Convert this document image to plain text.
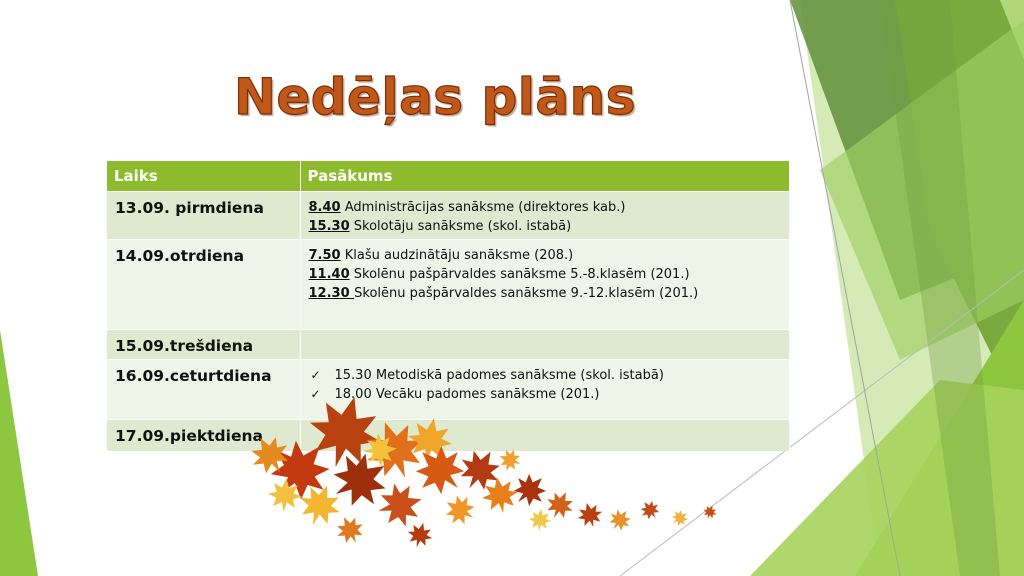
Nedēļas plāns
Laiks	Pasākums
13.09. pirmdiena	8.40 Administrācijas sanāksme (direktores kab.)
15.30 Skolotāju sanāksme (skol. istabā)

14.09.otrdiena	7.50 Klašu audzinātāju sanāksme (208.)
11.40 Skolēnu pašpārvaldes sanāksme 5.-8.klasēm (201.)
12.30 Skolēnu pašpārvaldes sanāksme 9.-12.klasēm (201.)

15.09.trešdiena	
16.09.ceturtdiena	✓ 15.30 Metodiskā padomes sanāksme (skol. istabā)
✓ 18.00 Vecāku padomes sanāksme (201.)

17.09.piektdiena	
